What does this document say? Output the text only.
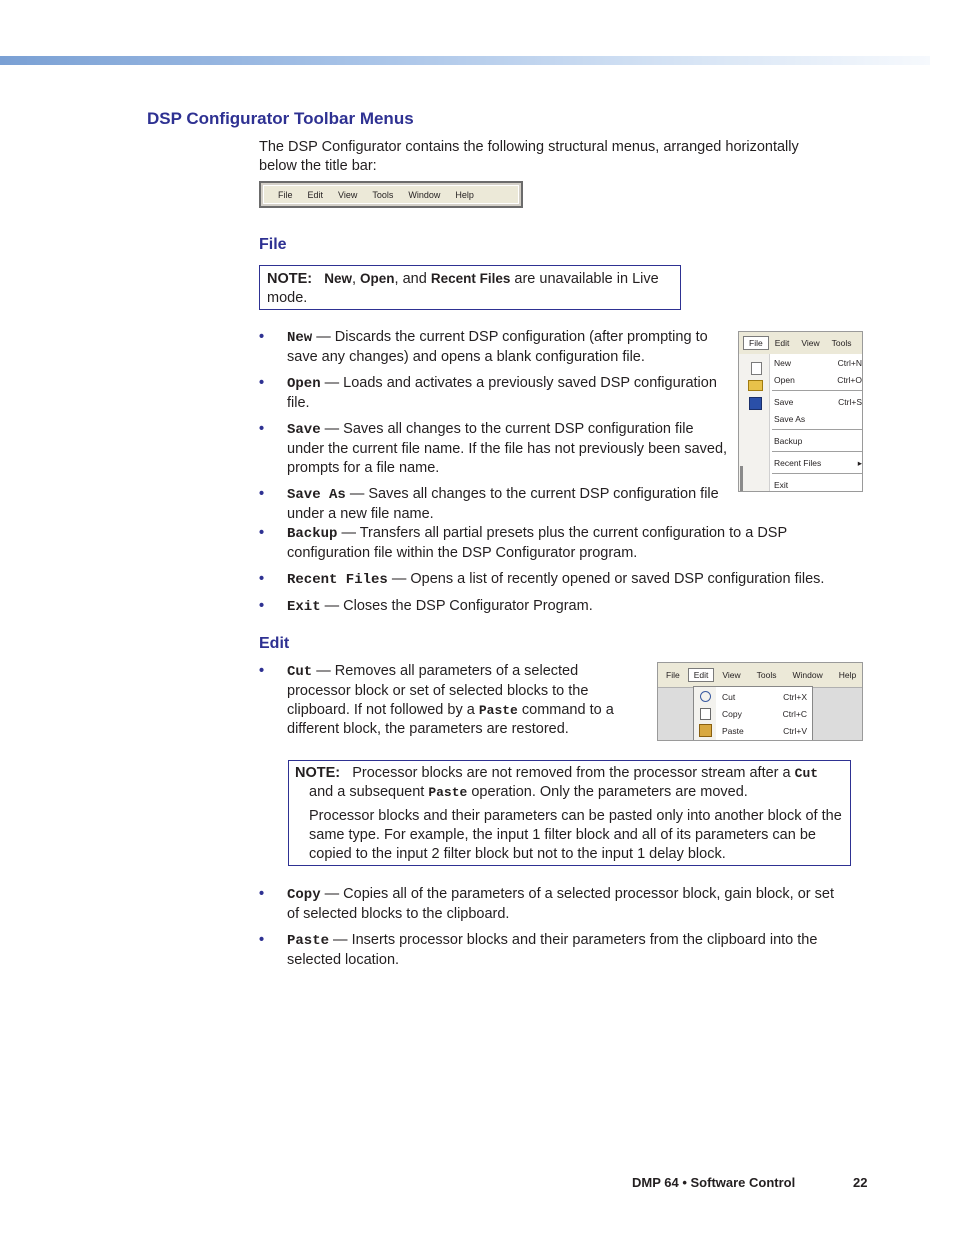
DSP Configurator Toolbar Menus
The DSP Configurator contains the following structural menus, arranged horizontally below the title bar:
File Edit View Tools Window Help
File
NOTE: New, Open, and Recent Files are unavailable in Live mode.
• New — Discards the current DSP configuration (after prompting to save any changes) and opens a blank configuration file.
• Open — Loads and activates a previously saved DSP configuration file.
• Save — Saves all changes to the current DSP configuration file under the current file name. If the file has not previously been saved, prompts for a file name.
• Save As — Saves all changes to the current DSP configuration file under a new file name.
• Backup — Transfers all partial presets plus the current configuration to a DSP configuration file within the DSP Configurator program.
• Recent Files — Opens a list of recently opened or saved DSP configuration files.
• Exit — Closes the DSP Configurator Program.
File	Edit	View	Tools
New	Ctrl+N
Open	Ctrl+O
Save	Ctrl+S
Save As
Backup
Recent Files	▸
Exit
Edit
• Cut — Removes all parameters of a selected processor block or set of selected blocks to the clipboard. If not followed by a Paste command to a different block, the parameters are restored.
File	Edit	View	Tools	Window	Help
Cut	Ctrl+X
Copy	Ctrl+C
Paste	Ctrl+V
NOTE: Processor blocks are not removed from the processor stream after a Cut and a subsequent Paste operation. Only the parameters are moved.
Processor blocks and their parameters can be pasted only into another block of the same type. For example, the input 1 filter block and all of its parameters can be copied to the input 2 filter block but not to the input 1 delay block.
• Copy — Copies all of the parameters of a selected processor block, gain block, or set of selected blocks to the clipboard.
• Paste — Inserts processor blocks and their parameters from the clipboard into the selected location.
DMP 64 • Software Control	22
